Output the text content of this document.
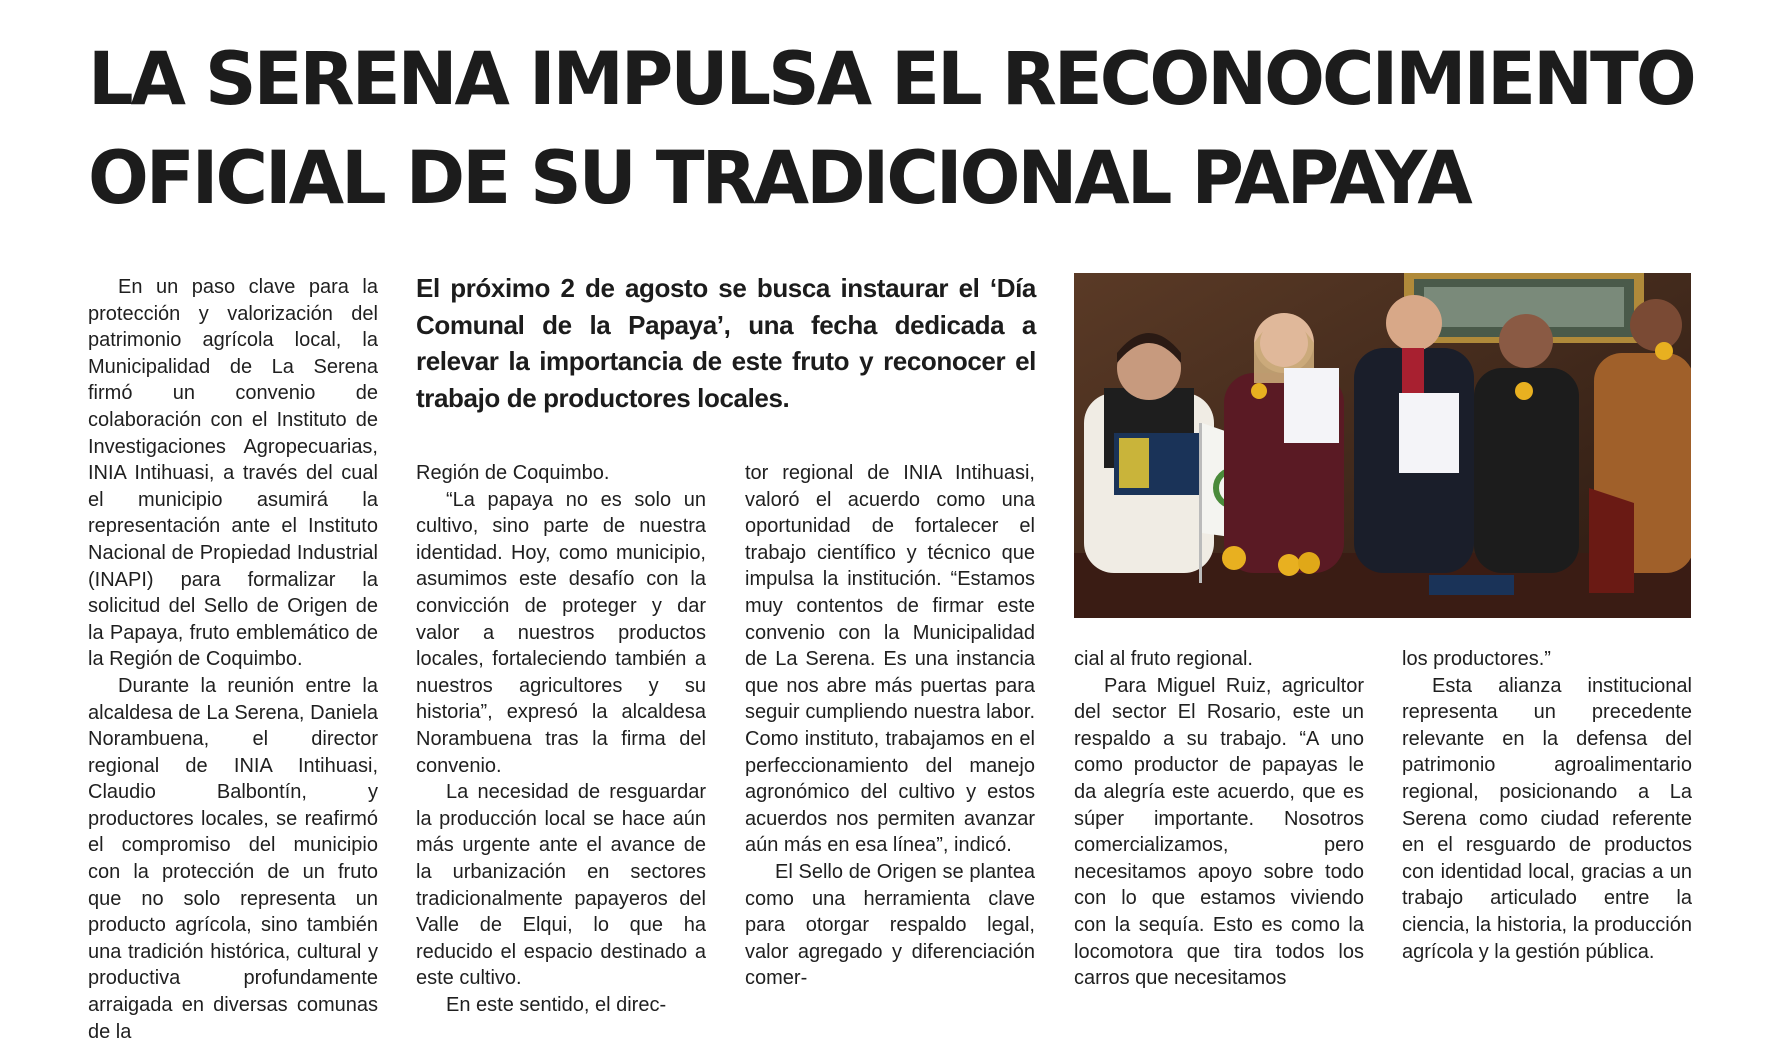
LA SERENA IMPULSA EL RECONOCIMIENTO
OFICIAL DE SU TRADICIONAL PAPAYA

En un paso clave para la protección y valorización del patrimonio agrícola local, la Municipalidad de La Serena firmó un convenio de colaboración con el Instituto de Investigaciones Agropecuarias, INIA Intihuasi, a través del cual el municipio asumirá la representación ante el Instituto Nacional de Propiedad Industrial (INAPI) para formalizar la solicitud del Sello de Origen de la Papaya, fruto emblemático de la Región de Coquimbo.

Durante la reunión entre la alcaldesa de La Serena, Daniela Norambuena, el director regional de INIA Intihuasi, Claudio Balbontín, y productores locales, se reafirmó el compromiso del municipio con la protección de un fruto que no solo representa un producto agrícola, sino también una tradición histórica, cultural y productiva profundamente arraigada en diversas comunas de la

El próximo 2 de agosto se busca instaurar el ‘Día Comunal de la Papaya’, una fecha dedicada a relevar la importancia de este fruto y reconocer el trabajo de productores locales.

Región de Coquimbo.

“La papaya no es solo un cultivo, sino parte de nuestra identidad. Hoy, como municipio, asumimos este desafío con la convicción de proteger y dar valor a nuestros productos locales, fortaleciendo también a nuestros agricultores y su historia”, expresó la alcaldesa Norambuena tras la firma del convenio.

La necesidad de resguardar la producción local se hace aún más urgente ante el avance de la urbanización en sectores tradicionalmente papayeros del Valle de Elqui, lo que ha reducido el espacio destinado a este cultivo.

En este sentido, el direc-

tor regional de INIA Intihuasi, valoró el acuerdo como una oportunidad de fortalecer el trabajo científico y técnico que impulsa la institución. “Estamos muy contentos de firmar este convenio con la Municipalidad de La Serena. Es una instancia que nos abre más puertas para seguir cumpliendo nuestra labor. Como instituto, trabajamos en el perfeccionamiento del manejo agronómico del cultivo y estos acuerdos nos permiten avanzar aún más en esa línea”, indicó.

El Sello de Origen se plantea como una herramienta clave para otorgar respaldo legal, valor agregado y diferenciación comer-

cial al fruto regional.

Para Miguel Ruiz, agricultor del sector El Rosario, este un respaldo a su trabajo. “A uno como productor de papayas le da alegría este acuerdo, que es súper importante. Nosotros comercializamos, pero necesitamos apoyo sobre todo con lo que estamos viviendo con la sequía. Esto es como la locomotora que tira todos los carros que necesitamos

los productores.”

Esta alianza institucional representa un precedente relevante en la defensa del patrimonio agroalimentario regional, posicionando a La Serena como ciudad referente en el resguardo de productos con identidad local, gracias a un trabajo articulado entre la ciencia, la historia, la producción agrícola y la gestión pública.
